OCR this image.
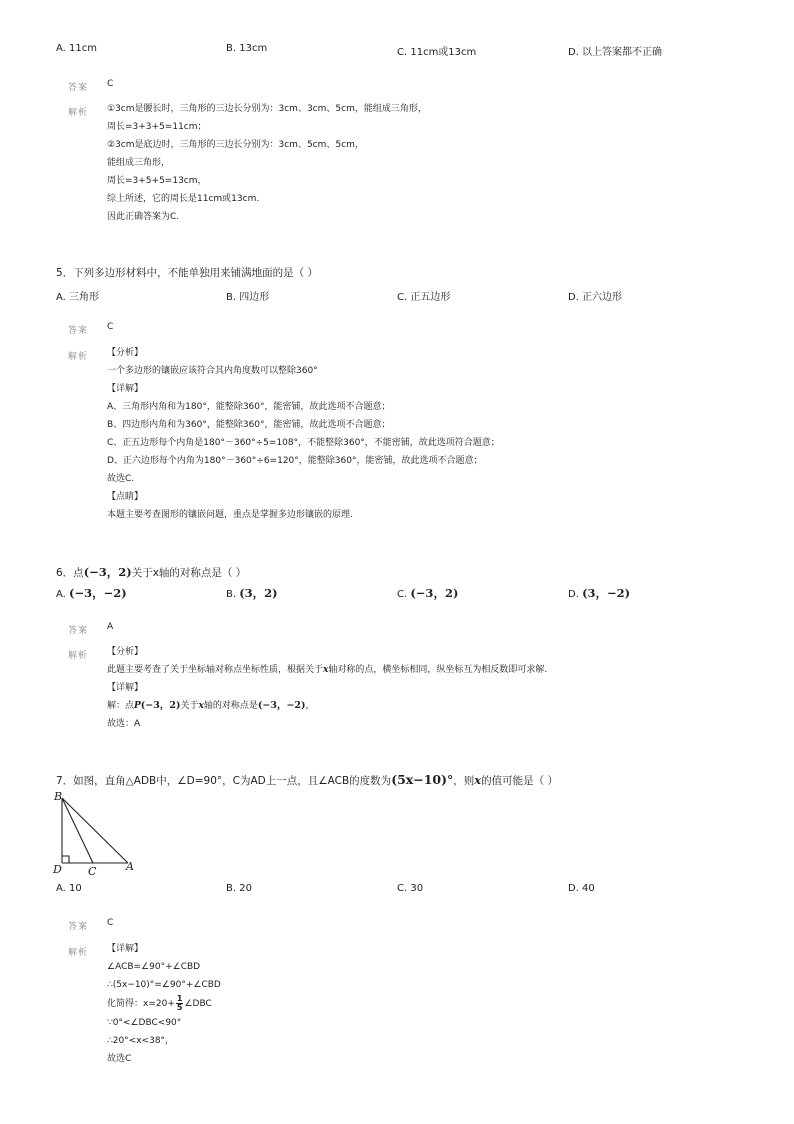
A. 11cm	B. 13cm	C. 11cm或13cm	D. 以上答案都不正确
答案 C
解析 ①3cm是腰长时，三角形的三边长分别为：3cm、3cm、5cm，能组成三角形，
周长=3+3+5=11cm；
②3cm是底边时，三角形的三边长分别为：3cm、5cm、5cm，
能组成三角形，
周长=3+5+5=13cm，
综上所述，它的周长是11cm或13cm.
因此正确答案为C.
5．下列多边形材料中，不能单独用来铺满地面的是（ ）
A. 三角形	B. 四边形	C. 正五边形	D. 正六边形
答案 C
解析 【分析】
一个多边形的镶嵌应该符合其内角度数可以整除360°
【详解】
A、三角形内角和为180°，能整除360°，能密铺，故此选项不合题意；
B、四边形内角和为360°，能整除360°，能密铺，故此选项不合题意；
C、正五边形每个内角是180°－360°÷5=108°，不能整除360°，不能密铺，故此选项符合题意；
D、正六边形每个内角为180°－360°÷6=120°，能整除360°，能密铺，故此选项不合题意；
故选C.
【点睛】
本题主要考查图形的镶嵌问题，重点是掌握多边形镶嵌的原理.
6．点(−3，2)关于x轴的对称点是（ ）
A. (−3，−2)	B. (3，2)	C. (−3，2)	D. (3，−2)
答案 A
解析 【分析】
此题主要考查了关于坐标轴对称点坐标性质，根据关于x轴对称的点，横坐标相同，纵坐标互为相反数即可求解.
【详解】
解：点P(−3，2)关于x轴的对称点是(−3，−2)，
故选：A
7．如图，直角△ADB中，∠D=90°，C为AD上一点，且∠ACB的度数为(5x−10)°，则x的值可能是（ ）
B
D C	A
A. 10	B. 20	C. 30	D. 40
答案 C
解析 【详解】
∠ACB=∠90°+∠CBD
∴(5x−10)°=∠90°+∠CBD
化简得：$x=20+ \frac{1}{5}$ ∠DBC
∵0°<∠DBC<90°
∴20°<x<38°，
故选C
